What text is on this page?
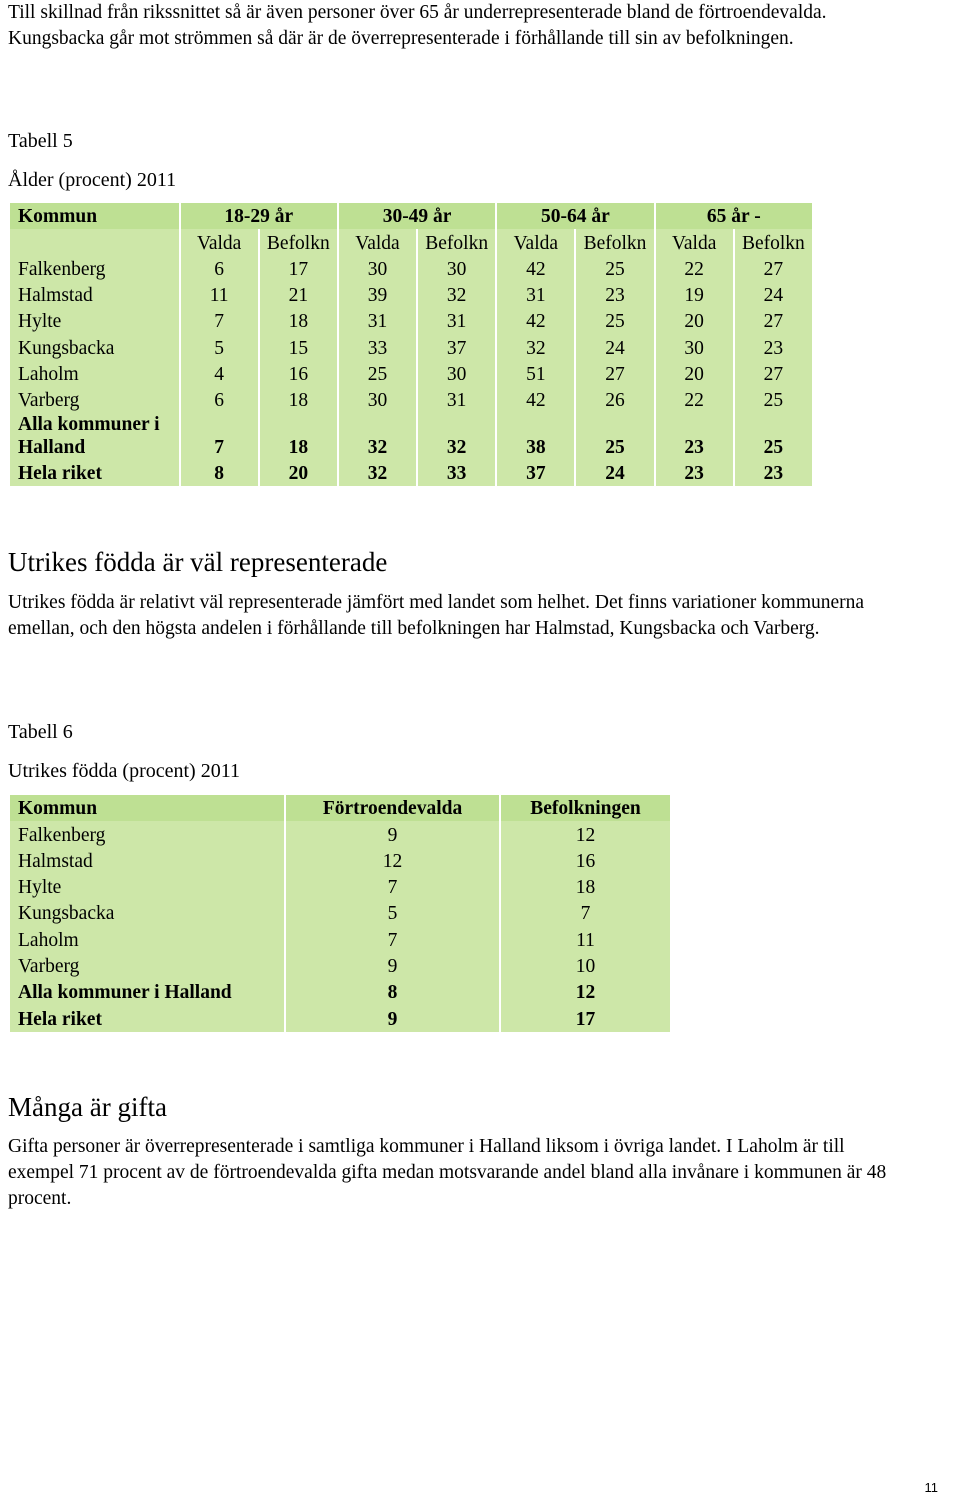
Till skillnad från rikssnittet så är även personer över 65 år underrepresenterade bland de förtroendevalda. Kungsbacka går mot strömmen så där är de överrepresenterade i förhållande till sin av befolkningen.

Tabell 5

Ålder (procent) 2011

Kommun	18-29 år		30-49 år		50-64 år		65 år -	
	Valda	Befolkn	Valda	Befolkn	Valda	Befolkn	Valda	Befolkn
Falkenberg	6	17	30	30	42	25	22	27
Halmstad	11	21	39	32	31	23	19	24
Hylte	7	18	31	31	42	25	20	27
Kungsbacka	5	15	33	37	32	24	30	23
Laholm	4	16	25	30	51	27	20	27
Varberg	6	18	30	31	42	26	22	25
Alla kommuner i
Halland	7	18	32	32	38	25	23	25
Hela riket	8	20	32	33	37	24	23	23
Utrikes födda är väl representerade

Utrikes födda är relativt väl representerade jämfört med landet som helhet. Det finns variationer kommunerna emellan, och den högsta andelen i förhållande till befolkningen har Halmstad, Kungsbacka och Varberg.

Tabell 6

Utrikes födda (procent) 2011

Kommun	Förtroendevalda	Befolkningen
Falkenberg	9	12
Halmstad	12	16
Hylte	7	18
Kungsbacka	5	7
Laholm	7	11
Varberg	9	10
Alla kommuner i Halland	8	12
Hela riket	9	17
Många är gifta

Gifta personer är överrepresenterade i samtliga kommuner i Halland liksom i övriga landet. I Laholm är till exempel 71 procent av de förtroendevalda gifta medan motsvarande andel bland alla invånare i kommunen är 48 procent.

11
